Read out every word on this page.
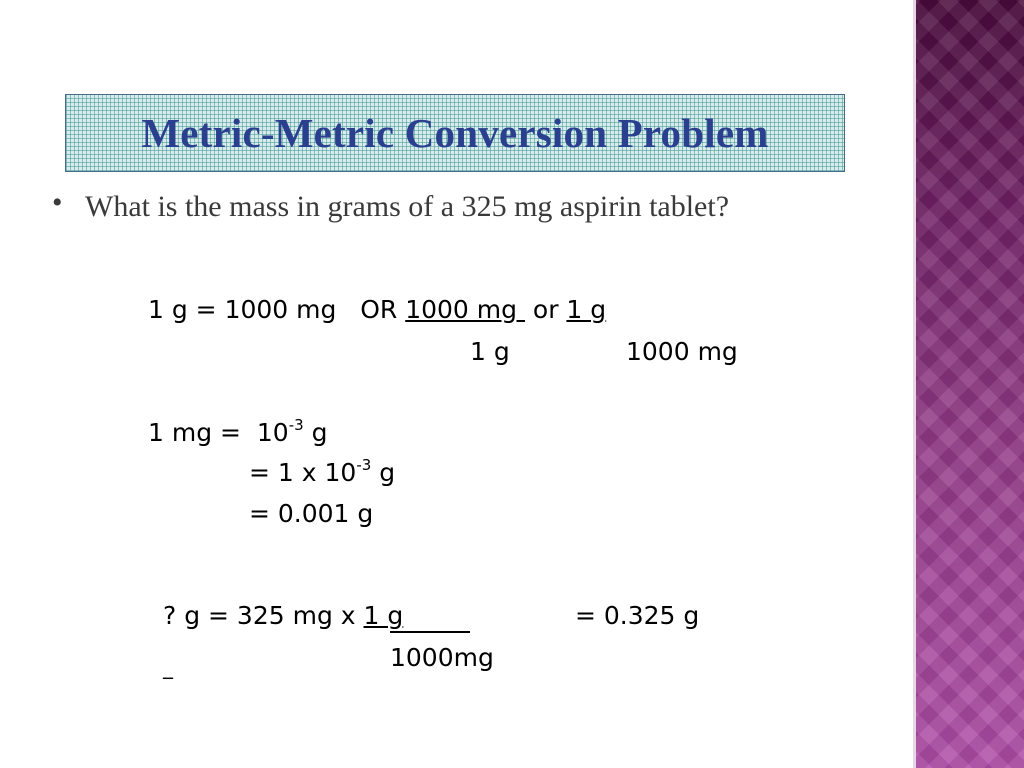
Metric-Metric Conversion Problem
• What is the mass in grams of a 325 mg aspirin tablet?
1 g = 1000 mg   OR 1000 mg  or 1 g
1 g	1000 mg
1 mg =  $10^{-3}$ g
= 1 x $10^{-3}$ g
= 0.001 g
? g = 325 mg x 1 g	= 0.325 g
1000mg
_
